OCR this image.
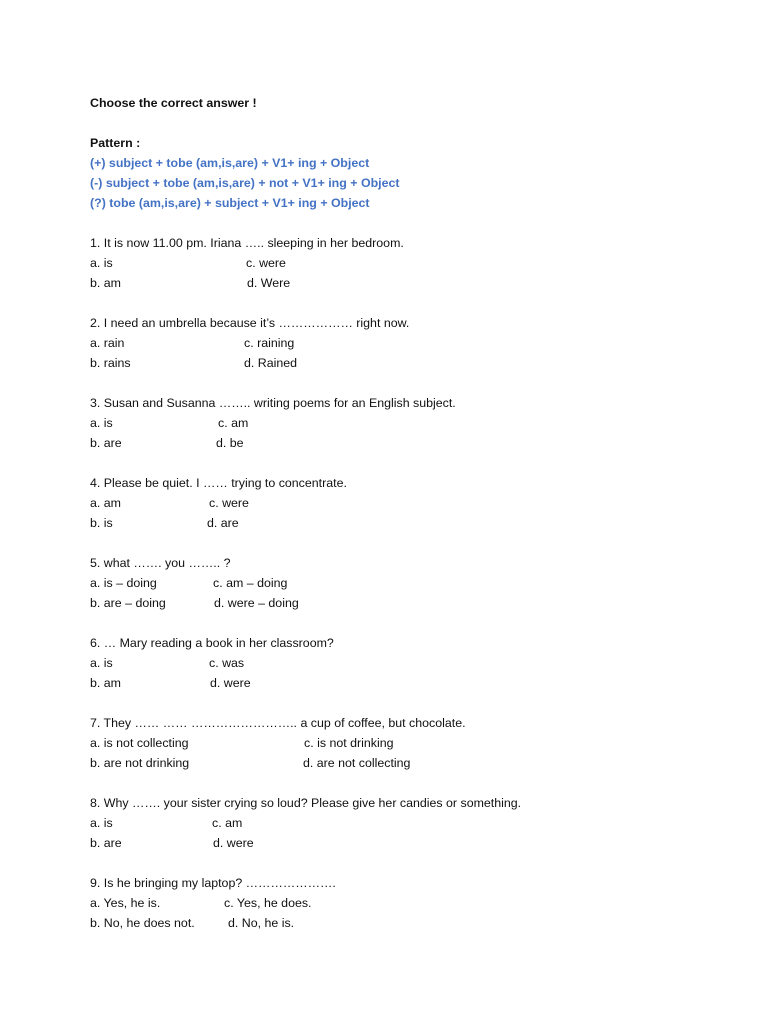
Choose the correct answer !
Pattern :
(+) subject + tobe (am,is,are) + V1+ ing + Object
(-) subject + tobe (am,is,are) + not + V1+ ing + Object
(?) tobe (am,is,are) + subject + V1+ ing + Object
1. It is now 11.00 pm. Iriana ….. sleeping in her bedroom.

a. is

	c. were

b. am

	d. Were

2. I need an umbrella because it’s ……………… right now.

a. rain

	c. raining

b. rains

	d. Rained

3. Susan and Susanna …….. writing poems for an English subject.

a. is

	c. am

b. are

	d. be

4. Please be quiet. I …… trying to concentrate.

a. am

	c. were

b. is

	d. are

5. what ……. you …….. ?

a. is – doing

	c. am – doing

b. are – doing

	d. were – doing

6. … Mary reading a book in her classroom?

a. is

	c. was

b. am

	d. were

7. They …… …… …………………….. a cup of coffee, but chocolate.

a. is not collecting

	c. is not drinking

b. are not drinking

	d. are not collecting

8. Why ……. your sister crying so loud? Please give her candies or something.

a. is

	c. am

b. are

	d. were

9. Is he bringing my laptop? ………………….

a. Yes, he is.

	c. Yes, he does.

b. No, he does not.

	d. No, he is.
